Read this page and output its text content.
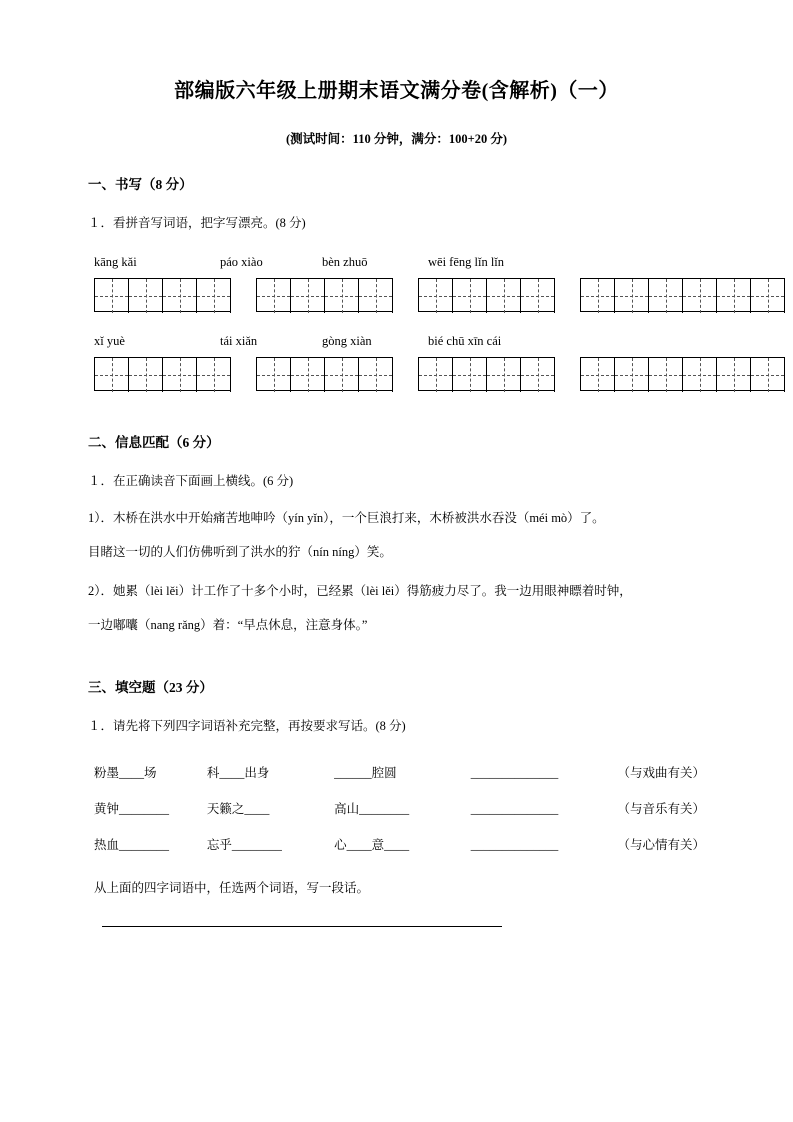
部编版六年级上册期末语文满分卷(含解析)（一）
(测试时间：110 分钟，满分：100+20 分)
一、书写（8 分）
１．看拼音写词语，把字写漂亮。(8 分)
kāng kǎi	páo xiào	bèn zhuō	wēi fēng lǐn lǐn
xǐ yuè	tái xiǎn	gòng xiàn	bié chū xīn cái
二、信息匹配（6 分）
１．在正确读音下面画上横线。(6 分)
1）．木桥在洪水中开始痛苦地呻吟（yín yǐn），一个巨浪打来，木桥被洪水吞没（méi mò）了。
目睹这一切的人们仿佛听到了洪水的狞（nín níng）笑。
2）．她累（lèi lěi）计工作了十多个小时，已经累（lèi lěi）得筋疲力尽了。我一边用眼神瞟着时钟，
一边嘟囔（nang rǎng）着：“早点休息，注意身体。”
三、填空题（23 分）
１．请先将下列四字词语补充完整，再按要求写话。(8 分)
粉墨____场	科____出身	______腔圆	______________	（与戏曲有关）
黄钟________	天籁之____	高山________	______________	（与音乐有关）
热血________	忘乎________	心____意____	______________	（与心情有关）
从上面的四字词语中，任选两个词语，写一段话。
